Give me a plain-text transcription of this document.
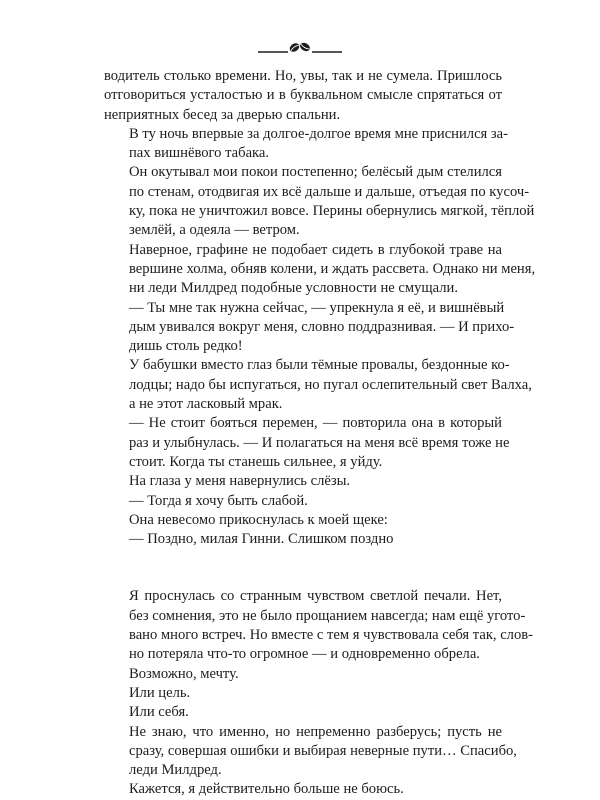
водитель столько времени. Но, увы, так и не сумела. Пришлось
отговориться усталостью и в буквальном смысле спрятаться от
неприятных бесед за дверью спальни.

В ту ночь впервые за долгое-долгое время мне приснился за-
пах вишнёвого табака.

Он окутывал мои покои постепенно; белёсый дым стелился
по стенам, отодвигая их всё дальше и дальше, отъедая по кусоч-
ку, пока не уничтожил вовсе. Перины обернулись мягкой, тёплой
землёй, а одеяла — ветром.

Наверное, графине не подобает сидеть в глубокой траве на
вершине холма, обняв колени, и ждать рассвета. Однако ни меня,
ни леди Милдред подобные условности не смущали.

— Ты мне так нужна сейчас, — упрекнула я её, и вишнёвый
дым увивался вокруг меня, словно поддразнивая. — И прихо-
дишь столь редко!

У бабушки вместо глаз были тёмные провалы, бездонные ко-
лодцы; надо бы испугаться, но пугал ослепительный свет Валха,
а не этот ласковый мрак.

— Не стоит бояться перемен, — повторила она в который
раз и улыбнулась. — И полагаться на меня всё время тоже не
стоит. Когда ты станешь сильнее, я уйду.

На глаза у меня навернулись слёзы.

— Тогда я хочу быть слабой.

Она невесомо прикоснулась к моей щеке:

— Поздно, милая Гинни. Слишком поздно

Я проснулась со странным чувством светлой печали. Нет,
без сомнения, это не было прощанием навсегда; нам ещё угото-
вано много встреч. Но вместе с тем я чувствовала себя так, слов-
но потеряла что-то огромное — и одновременно обрела.

Возможно, мечту.

Или цель.

Или себя.

Не знаю, что именно, но непременно разберусь; пусть не
сразу, совершая ошибки и выбирая неверные пути… Спасибо,
леди Милдред.

Кажется, я действительно больше не боюсь.
